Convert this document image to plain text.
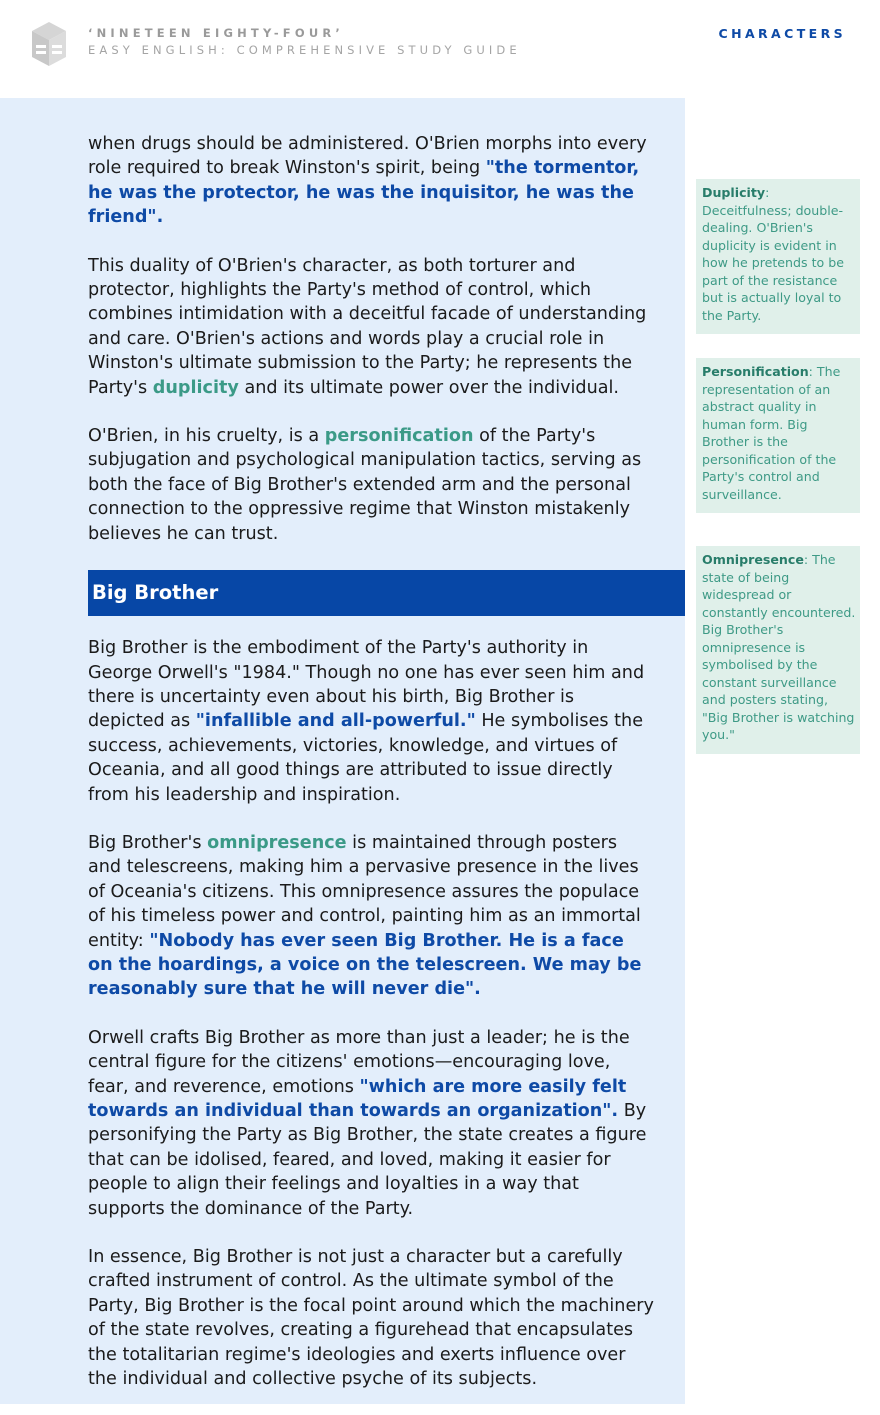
‘NINETEEN EIGHTY-FOUR’
EASY ENGLISH: COMPREHENSIVE STUDY GUIDE
CHARACTERS

when drugs should be administered. O'Brien morphs into every role required to break Winston's spirit, being "the tormentor, he was the protector, he was the inquisitor, he was the friend".

This duality of O'Brien's character, as both torturer and protector, highlights the Party's method of control, which combines intimidation with a deceitful facade of understanding and care. O'Brien's actions and words play a crucial role in Winston's ultimate submission to the Party; he represents the Party's duplicity and its ultimate power over the individual.

O'Brien, in his cruelty, is a personification of the Party's subjugation and psychological manipulation tactics, serving as both the face of Big Brother's extended arm and the personal connection to the oppressive regime that Winston mistakenly believes he can trust.

Big Brother

Big Brother is the embodiment of the Party's authority in George Orwell's "1984." Though no one has ever seen him and there is uncertainty even about his birth, Big Brother is depicted as "infallible and all-powerful." He symbolises the success, achievements, victories, knowledge, and virtues of Oceania, and all good things are attributed to issue directly from his leadership and inspiration.

Big Brother's omnipresence is maintained through posters and telescreens, making him a pervasive presence in the lives of Oceania's citizens. This omnipresence assures the populace of his timeless power and control, painting him as an immortal entity: "Nobody has ever seen Big Brother. He is a face on the hoardings, a voice on the telescreen. We may be reasonably sure that he will never die".

Orwell crafts Big Brother as more than just a leader; he is the central figure for the citizens' emotions—encouraging love, fear, and reverence, emotions "which are more easily felt towards an individual than towards an organization". By personifying the Party as Big Brother, the state creates a figure that can be idolised, feared, and loved, making it easier for people to align their feelings and loyalties in a way that supports the dominance of the Party.

In essence, Big Brother is not just a character but a carefully crafted instrument of control. As the ultimate symbol of the Party, Big Brother is the focal point around which the machinery of the state revolves, creating a figurehead that encapsulates the totalitarian regime's ideologies and exerts influence over the individual and collective psyche of its subjects.

Duplicity: Deceitfulness; double-dealing. O'Brien's duplicity is evident in how he pretends to be part of the resistance but is actually loyal to the Party.
Personification: The representation of an abstract quality in human form. Big Brother is the personification of the Party's control and surveillance.
Omnipresence: The state of being widespread or constantly encountered. Big Brother's omnipresence is symbolised by the constant surveillance and posters stating, "Big Brother is watching you."
